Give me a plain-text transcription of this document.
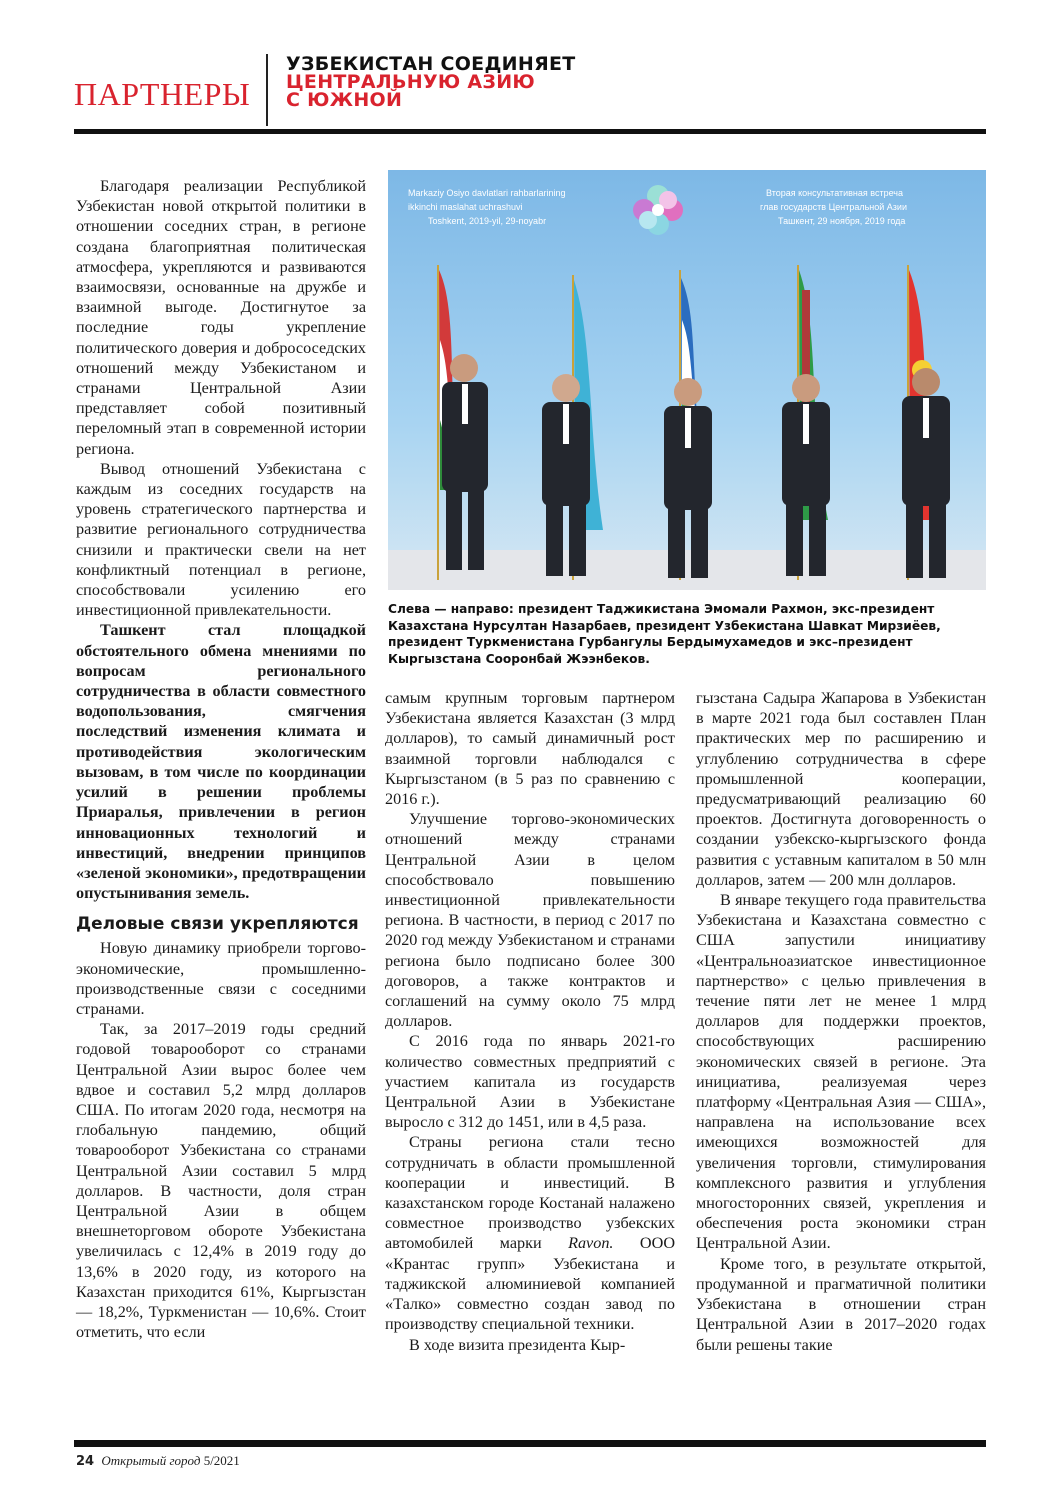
ПАРТНЕРЫ
УЗБЕКИСТАН СОЕДИНЯЕТ
ЦЕНТРАЛЬНУЮ АЗИЮ
С ЮЖНОЙ

Благодаря реализации Республикой Узбекистан новой открытой политики в отношении соседних стран, в регионе создана благоприятная политическая атмосфера, укрепляются и развиваются взаимосвязи, основанные на дружбе и взаимной выгоде. Достигнутое за последние годы укрепление политического доверия и добрососедских отношений между Узбекистаном и странами Центральной Азии представляет собой позитивный переломный этап в современной истории региона.

Вывод отношений Узбекистана с каждым из соседних государств на уровень стратегического партнерства и развитие регионального сотрудничества снизили и практически свели на нет конфликтный потенциал в регионе, способствовали усилению его инвестиционной привлекательности.

Ташкент стал площадкой обстоятельного обмена мнениями по вопросам регионального сотрудничества в области совместного водопользования, смягчения последствий изменения климата и противодействия экологическим вызовам, в том числе по координации усилий в решении проблемы Приаралья, привлечении в регион инновационных технологий и инвестиций, внедрении принципов «зеленой экономики», предотвращении опустынивания земель.

Деловые связи укрепляются

Новую динамику приобрели торгово-экономические, промышленно-производственные связи с соседними странами.

Так, за 2017–2019 годы средний годовой товарооборот со странами Центральной Азии вырос более чем вдвое и составил 5,2 млрд долларов США. По итогам 2020 года, несмотря на глобальную пандемию, общий товарооборот Узбекистана со странами Центральной Азии составил 5 млрд долларов. В частности, доля стран Центральной Азии в общем внешнеторговом обороте Узбекистана увеличилась с 12,4% в 2019 году до 13,6% в 2020 году, из которого на Казахстан приходится 61%, Кыргызстан — 18,2%, Туркменистан — 10,6%. Стоит отметить, что если

Markaziy Osiyo davlatlari rahbarlarining
ikkinchi maslahat uchrashuvi
Toshkent, 2019-yil, 29-noyabr
Вторая консультативная встреча
глав государств Центральной Азии
Ташкент, 29 ноября, 2019 года
Слева — направо: президент Таджикистана Эмомали Рахмон, экс-президент Казахстана Нурсултан Назарбаев, президент Узбекистана Шавкат Мирзиёев, президент Туркменистана Гурбангулы Бердымухамедов и экс–президент Кыргызстана Сооронбай Жээнбеков.

самым крупным торговым партнером Узбекистана является Казахстан (3 млрд долларов), то самый динамичный рост взаимной торговли наблюдался с Кыргызстаном (в 5 раз по сравнению с 2016 г.).

Улучшение торгово-экономических отношений между странами Центральной Азии в целом способствовало повышению инвестиционной привлекательности региона. В частности, в период с 2017 по 2020 год между Узбекистаном и странами региона было подписано более 300 договоров, а также контрактов и соглашений на сумму около 75 млрд долларов.

С 2016 года по январь 2021-го количество совместных предприятий с участием капитала из государств Центральной Азии в Узбекистане выросло с 312 до 1451, или в 4,5 раза.

Страны региона стали тесно сотрудничать в области промышленной кооперации и инвестиций. В казахстанском городе Костанай налажено совместное производство узбекских автомобилей марки Ravon. ООО «Крантас групп» Узбекистана и таджикской алюминиевой компанией «Талко» совместно создан завод по производству специальной техники.

В ходе визита президента Кыр-

гызстана Садыра Жапарова в Узбекистан в марте 2021 года был составлен План практических мер по расширению и углублению сотрудничества в сфере промышленной кооперации, предусматривающий реализацию 60 проектов. Достигнута договоренность о создании узбекско-кыргызского фонда развития с уставным капиталом в 50 млн долларов, затем — 200 млн долларов.

В январе текущего года правительства Узбекистана и Казахстана совместно с США запустили инициативу «Центральноазиатское инвестиционное партнерство» с целью привлечения в течение пяти лет не менее 1 млрд долларов для поддержки проектов, способствующих расширению экономических связей в регионе. Эта инициатива, реализуемая через платформу «Центральная Азия — США», направлена на использование всех имеющихся возможностей для увеличения торговли, стимулирования комплексного развития и углубления многосторонних связей, укрепления и обеспечения роста экономики стран Центральной Азии.

Кроме того, в результате открытой, продуманной и прагматичной политики Узбекистана в отношении стран Центральной Азии в 2017–2020 годах были решены такие

24 Открытый город 5/2021
